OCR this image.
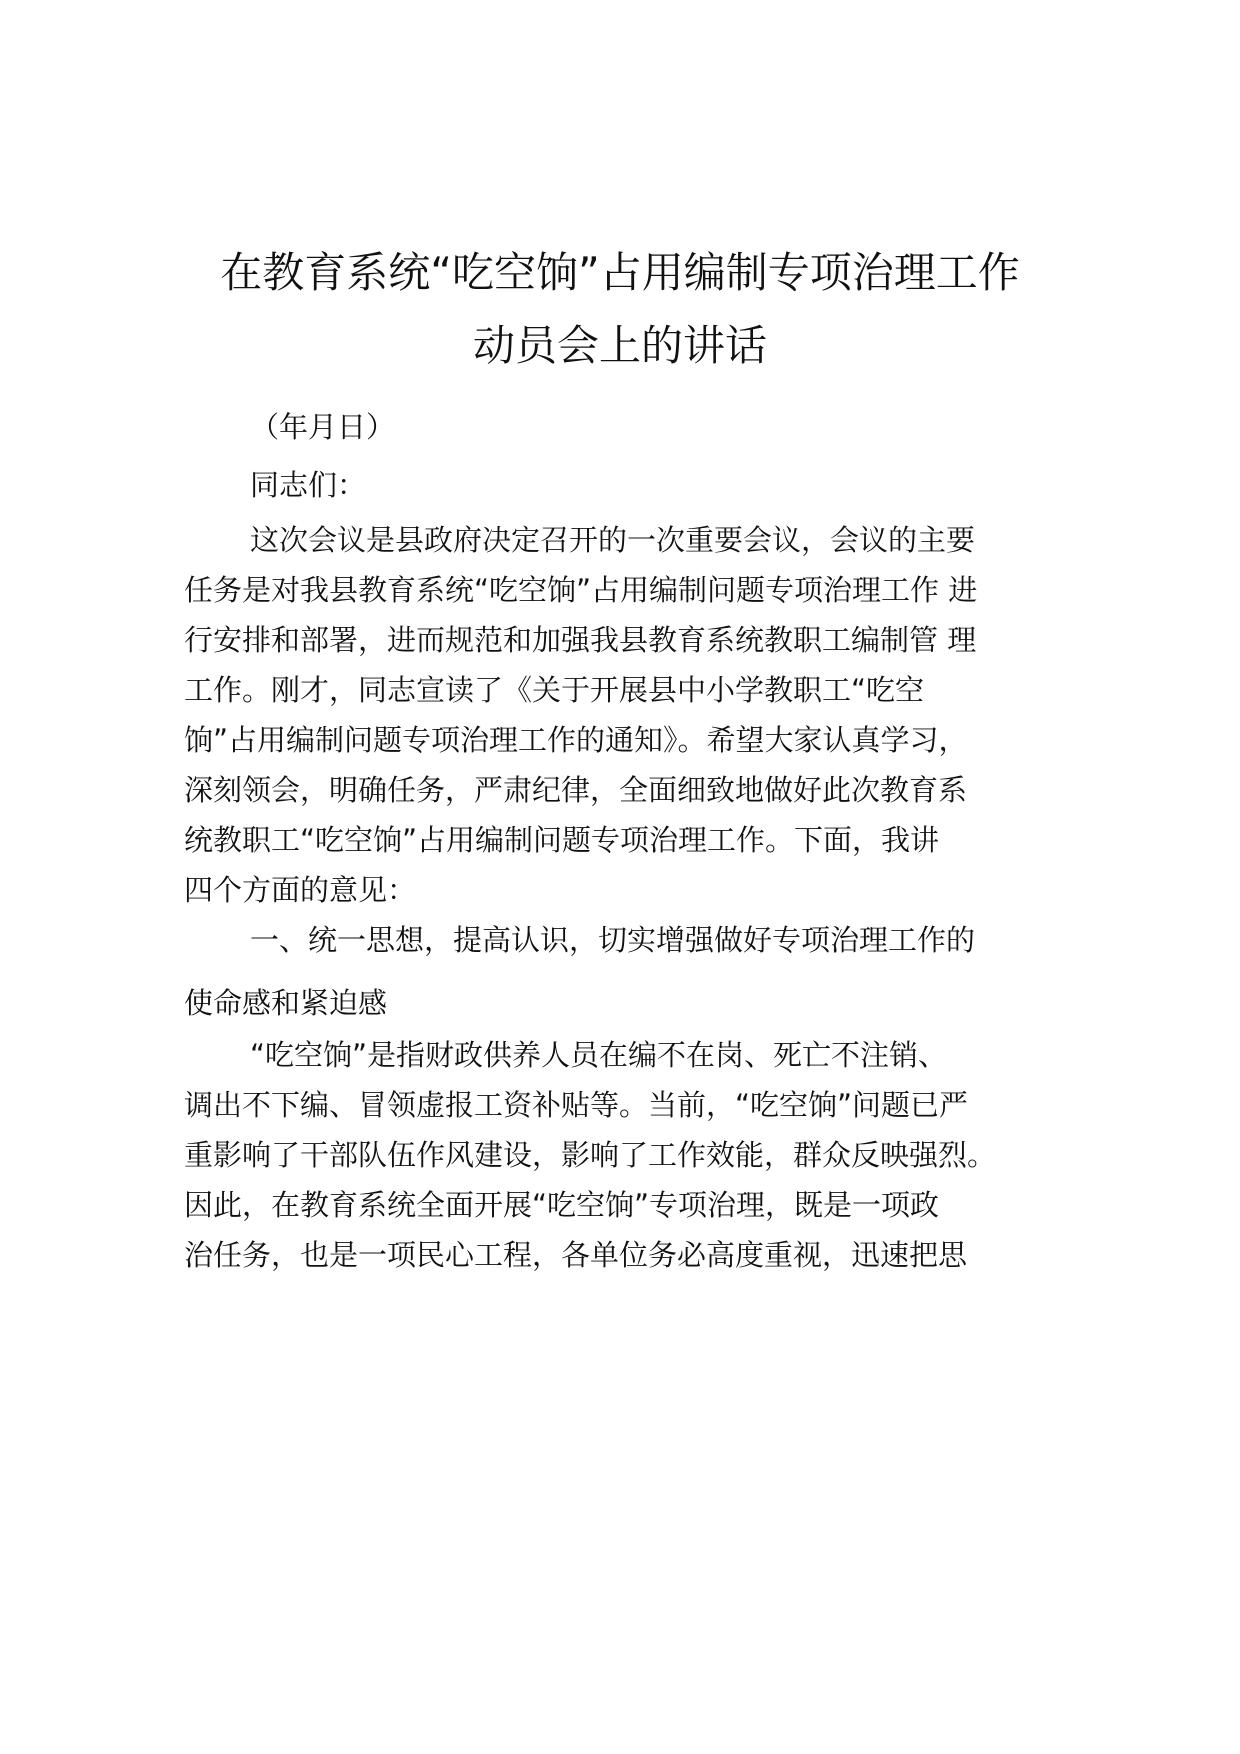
在教育系统“吃空饷”占用编制专项治理工作
动员会上的讲话

（年月日）

同志们：

这次会议是县政府决定召开的一次重要会议，会议的主要

任务是对我县教育系统“吃空饷”占用编制问题专项治理工作 进

行安排和部署，进而规范和加强我县教育系统教职工编制管 理

工作。刚才，同志宣读了《关于开展县中小学教职工“吃空

饷”占用编制问题专项治理工作的通知》。希望大家认真学习，

深刻领会，明确任务，严肃纪律，全面细致地做好此次教育系

统教职工“吃空饷”占用编制问题专项治理工作。下面，我讲

四个方面的意见：

一、统一思想，提高认识，切实增强做好专项治理工作的

使命感和紧迫感

“吃空饷”是指财政供养人员在编不在岗、死亡不注销、

调出不下编、冒领虚报工资补贴等。当前，“吃空饷”问题已严

重影响了干部队伍作风建设，影响了工作效能，群众反映强烈。

因此，在教育系统全面开展“吃空饷”专项治理，既是一项政

治任务，也是一项民心工程，各单位务必高度重视，迅速把思
